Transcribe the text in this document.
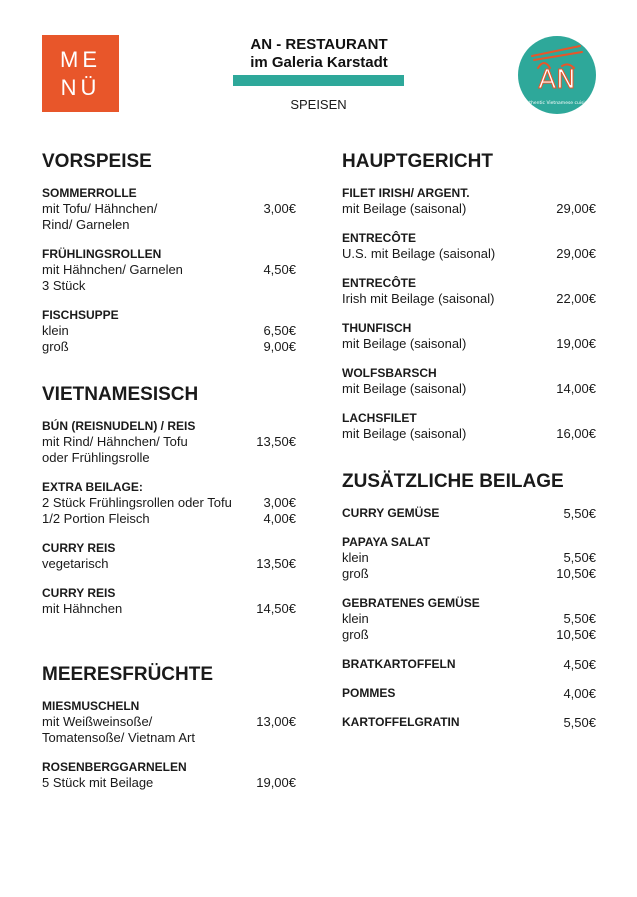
ME
NÜ
AN - RESTAURANT
im Galeria Karstadt
SPEISEN
AN
authentic Vietnamese cuisine
VORSPEISE
SOMMERROLLE
mit Tofu/ Hähnchen/	3,00€
Rind/ Garnelen
FRÜHLINGSROLLEN
mit Hähnchen/ Garnelen	4,50€
3 Stück
FISCHSUPPE
klein	6,50€
groß	9,00€
VIETNAMESISCH
BÚN (REISNUDELN) / REIS
mit Rind/ Hähnchen/ Tofu	13,50€
oder Frühlingsrolle
EXTRA BEILAGE:
2 Stück Frühlingsrollen oder Tofu	3,00€
1/2 Portion Fleisch	4,00€
CURRY REIS
vegetarisch	13,50€
CURRY REIS
mit Hähnchen	14,50€
MEERESFRÜCHTE
MIESMUSCHELN
mit Weißweinsoße/	13,00€
Tomatensoße/ Vietnam Art
ROSENBERGGARNELEN
5 Stück mit Beilage	19,00€
HAUPTGERICHT
FILET IRISH/ ARGENT.
mit Beilage (saisonal)	29,00€
ENTRECÔTE
U.S. mit Beilage (saisonal)	29,00€
ENTRECÔTE
Irish mit Beilage (saisonal)	22,00€
THUNFISCH
mit Beilage (saisonal)	19,00€
WOLFSBARSCH
mit Beilage (saisonal)	14,00€
LACHSFILET
mit Beilage (saisonal)	16,00€
ZUSÄTZLICHE BEILAGE
CURRY GEMÜSE	5,50€
PAPAYA SALAT
klein	5,50€
groß	10,50€
GEBRATENES GEMÜSE
klein	5,50€
groß	10,50€
BRATKARTOFFELN	4,50€
POMMES	4,00€
KARTOFFELGRATIN	5,50€
